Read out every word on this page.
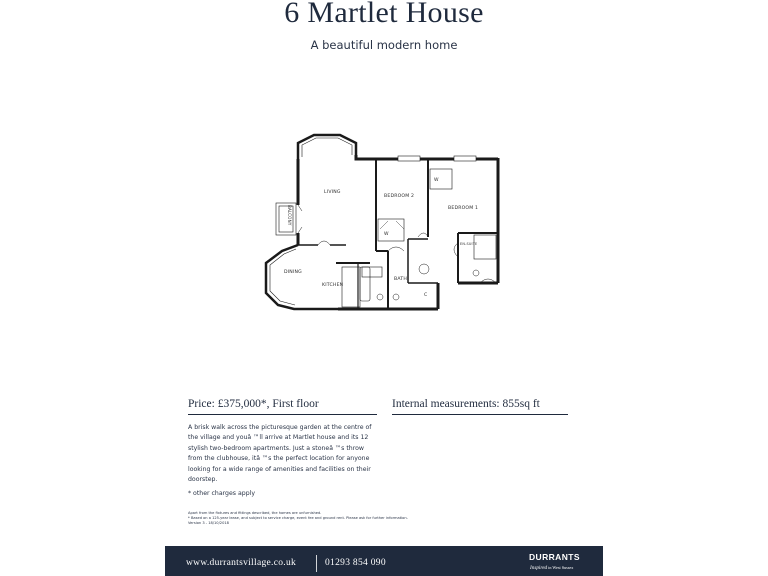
6 Martlet House
A beautiful modern home
LIVING
BEDROOM 2
BEDROOM 1
EN-SUITE
DINING
KITCHEN
BATH
W
W
C
BALCONY
Price: £375,000*, First floor	Internal measurements: 855sq ft
A brisk walk across the picturesque garden at the centre of the village and youâ ™ll arrive at Martlet house and its 12 stylish two-bedroom apartments. Just a stoneâ ™s throw from the clubhouse, itâ ™s the perfect location for anyone looking for a wide range of amenities and facilities on their doorstep.
* other charges apply
Apart from the fixtures and fittings described, the homes are unfurnished.
* Based on a 125-year lease, and subject to service charge, event fee and ground rent. Please ask for further information.
Version 3 - 18/10/2018
www.durrantsvillage.co.uk	01293 854 090
DURRANTS
Inspired in West Sussex
